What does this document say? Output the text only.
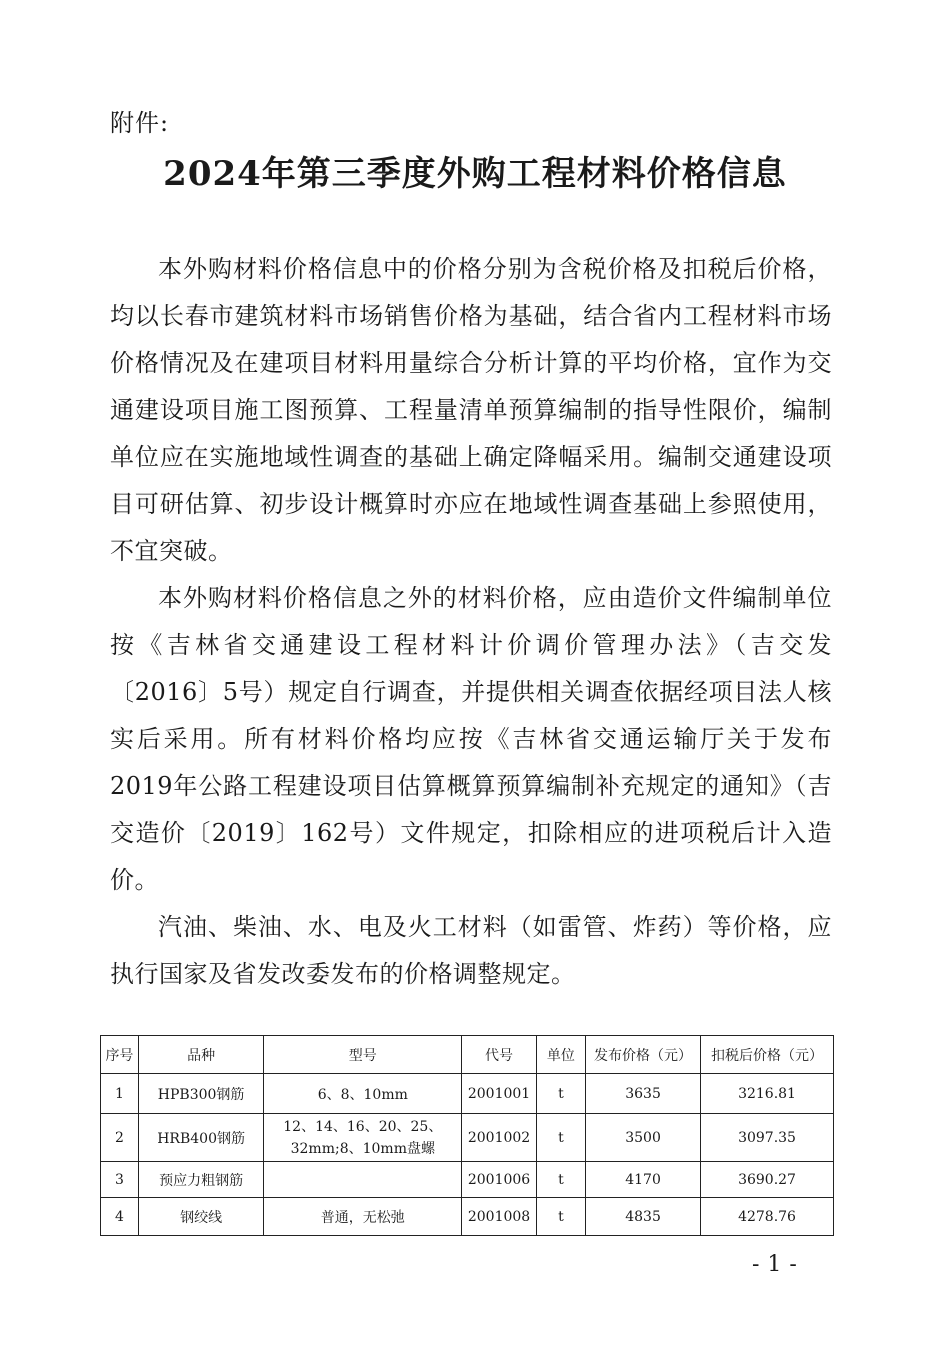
附件:
2024年第三季度外购工程材料价格信息

本外购材料价格信息中的价格分别为含税价格及扣税后价格，均以长春市建筑材料市场销售价格为基础，结合省内工程材料市场价格情况及在建项目材料用量综合分析计算的平均价格，宜作为交通建设项目施工图预算、工程量清单预算编制的指导性限价，编制单位应在实施地域性调查的基础上确定降幅采用。编制交通建设项目可研估算、初步设计概算时亦应在地域性调查基础上参照使用，不宜突破。

本外购材料价格信息之外的材料价格，应由造价文件编制单位按《吉林省交通建设工程材料计价调价管理办法》（吉交发〔2016〕5号）规定自行调查，并提供相关调查依据经项目法人核实后采用。所有材料价格均应按《吉林省交通运输厅关于发布2019年公路工程建设项目估算概算预算编制补充规定的通知》（吉交造价〔2019〕162号）文件规定，扣除相应的进项税后计入造价。

汽油、柴油、水、电及火工材料（如雷管、炸药）等价格，应执行国家及省发改委发布的价格调整规定。

序号	品种	型号	代号	单位	发布价格（元）	扣税后价格（元）
1	HPB300钢筋	6、8、10mm	2001001	t	3635	3216.81
2	HRB400钢筋	12、14、16、20、25、32mm;8、10mm盘螺	2001002	t	3500	3097.35
3	预应力粗钢筋		2001006	t	4170	3690.27
4	钢绞线	普通，无松弛	2001008	t	4835	4278.76
-1-
